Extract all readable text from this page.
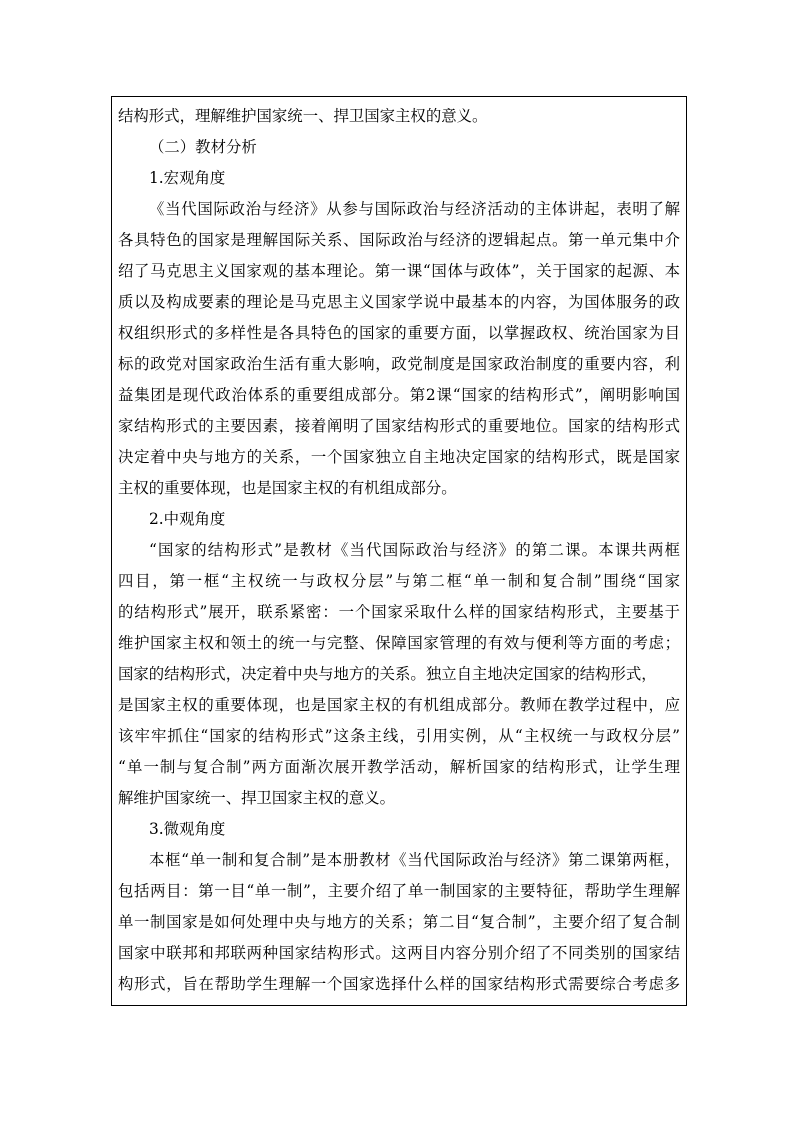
结构形式，理解维护国家统一、捍卫国家主权的意义。
（二）教材分析
1.宏观角度
《当代国际政治与经济》从参与国际政治与经济活动的主体讲起，表明了解
各具特色的国家是理解国际关系、国际政治与经济的逻辑起点。第一单元集中介
绍了马克思主义国家观的基本理论。第一课“国体与政体”，关于国家的起源、本
质以及构成要素的理论是马克思主义国家学说中最基本的内容，为国体服务的政
权组织形式的多样性是各具特色的国家的重要方面，以掌握政权、统治国家为目
标的政党对国家政治生活有重大影响，政党制度是国家政治制度的重要内容，利
益集团是现代政治体系的重要组成部分。第2课“国家的结构形式”，阐明影响国
家结构形式的主要因素，接着阐明了国家结构形式的重要地位。国家的结构形式
决定着中央与地方的关系，一个国家独立自主地决定国家的结构形式，既是国家
主权的重要体现，也是国家主权的有机组成部分。
2.中观角度
“国家的结构形式”是教材《当代国际政治与经济》的第二课。本课共两框
四目，第一框“主权统一与政权分层”与第二框“单一制和复合制”围绕“国家
的结构形式”展开，联系紧密：一个国家采取什么样的国家结构形式，主要基于
维护国家主权和领土的统一与完整、保障国家管理的有效与便利等方面的考虑；
国家的结构形式，决定着中央与地方的关系。独立自主地决定国家的结构形式，
是国家主权的重要体现，也是国家主权的有机组成部分。教师在教学过程中，应
该牢牢抓住“国家的结构形式”这条主线，引用实例，从“主权统一与政权分层”
“单一制与复合制”两方面渐次展开教学活动，解析国家的结构形式，让学生理
解维护国家统一、捍卫国家主权的意义。
3.微观角度
本框“单一制和复合制”是本册教材《当代国际政治与经济》第二课第两框，
包括两目：第一目“单一制”，主要介绍了单一制国家的主要特征，帮助学生理解
单一制国家是如何处理中央与地方的关系；第二目“复合制”，主要介绍了复合制
国家中联邦和邦联两种国家结构形式。这两目内容分别介绍了不同类别的国家结
构形式，旨在帮助学生理解一个国家选择什么样的国家结构形式需要综合考虑多
